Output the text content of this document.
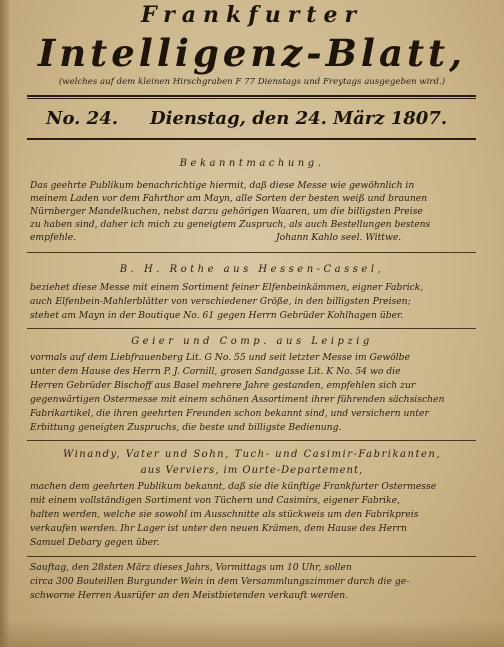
Frankfurter
Intelligenz-Blatt,
(welches auf dem kleinen Hirschgraben F 77 Dienstags und Freytags ausgegeben wird.)
No. 24. Dienstag, den 24. März 1807.
Bekanntmachung.
Das geehrte Publikum benachrichtige hiermit, daß diese Messe wie gewöhnlich in
meinem Laden vor dem Fahrthor am Mayn, alle Sorten der besten weiß und braunen
Nürnberger Mandelkuchen, nebst darzu gehörigen Waaren, um die billigsten Preise
zu haben sind, daher ich mich zu geneigtem Zuspruch, als auch Bestellungen bestens
empfehle.	Johann Kahlo seel. Wittwe.
B. H. Rothe aus Hessen-Cassel,
beziehet diese Messe mit einem Sortiment feiner Elfenbeinkämmen, eigner Fabrick,
auch Elfenbein-Mahlerblätter von verschiedener Größe, in den billigsten Preisen;
stehet am Mayn in der Boutique No. 61 gegen Herrn Gebrüder Kohlhagen über.
Geier und Comp. aus Leipzig
vormals auf dem Liebfrauenberg Lit. G No. 55 und seit letzter Messe im Gewölbe
unter dem Hause des Herrn P. J. Cornill, grosen Sandgasse Lit. K No. 54 wo die
Herren Gebrüder Bischoff aus Basel mehrere Jahre gestanden, empfehlen sich zur
gegenwärtigen Ostermesse mit einem schönen Assortiment ihrer führenden sächsischen
Fabrikartikel, die ihren geehrten Freunden schon bekannt sind, und versichern unter
Erbittung geneigten Zuspruchs, die beste und billigste Bedienung.
Winandy, Vater und Sohn, Tuch- und Casimir-Fabrikanten,
aus Verviers, im Ourte-Departement,
machen dem geehrten Publikum bekannt, daß sie die künftige Frankfurter Ostermesse
mit einem vollständigen Sortiment von Tüchern und Casimirs, eigener Fabrike,
halten werden, welche sie sowohl im Ausschnitte als stückweis um den Fabrikpreis
verkaufen werden. Ihr Lager ist unter den neuen Krämen, dem Hause des Herrn
Samuel Debary gegen über.
Sauftag, den 28sten März dieses Jahrs, Vormittags um 10 Uhr, sollen
circa 300 Bouteillen Burgunder Wein in dem Versammlungszimmer durch die ge-
schworne Herren Ausrüfer an den Meistbietenden verkauft werden.
